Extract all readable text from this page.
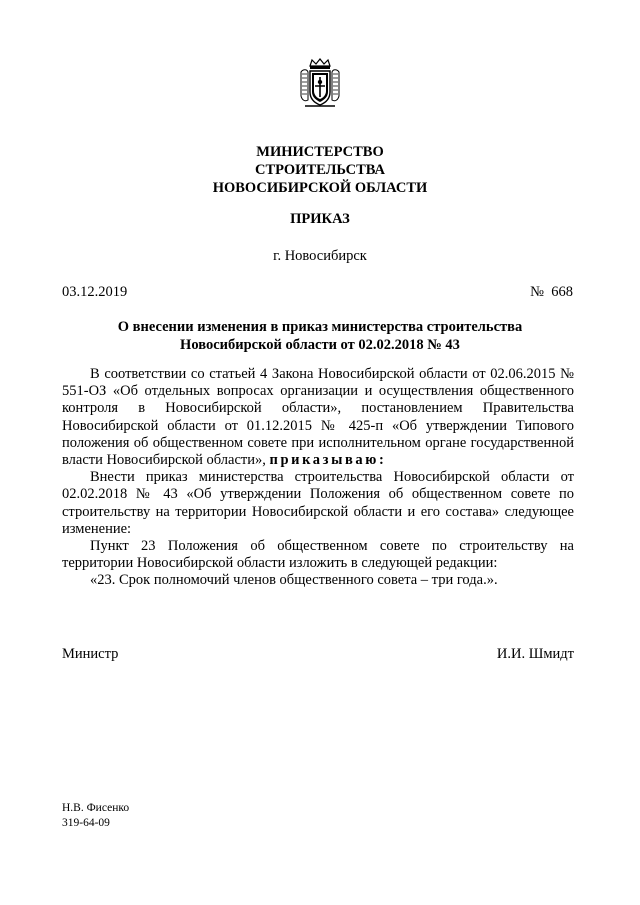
МИНИСТЕРСТВО
СТРОИТЕЛЬСТВА
НОВОСИБИРСКОЙ ОБЛАСТИ
ПРИКАЗ
г. Новосибирск
03.12.2019	№  668
О внесении изменения в приказ министерства строительства
Новосибирской области от 02.02.2018 № 43

В соответствии со статьей 4 Закона Новосибирской области от 02.06.2015 № 551-ОЗ «Об отдельных вопросах организации и осуществления общественного контроля в Новосибирской области», постановлением Правительства Новосибирской области от 01.12.2015 № 425-п «Об утверждении Типового положения об общественном совете при исполнительном органе государственной власти Новосибирской области», приказываю:

Внести приказ министерства строительства Новосибирской области от 02.02.2018 № 43 «Об утверждении Положения об общественном совете по строительству на территории Новосибирской области и его состава» следующее изменение:

Пункт 23 Положения об общественном совете по строительству на территории Новосибирской области изложить в следующей редакции:

«23. Срок полномочий членов общественного совета – три года.».

Министр	И.И. Шмидт
Н.В. Фисенко
319-64-09
